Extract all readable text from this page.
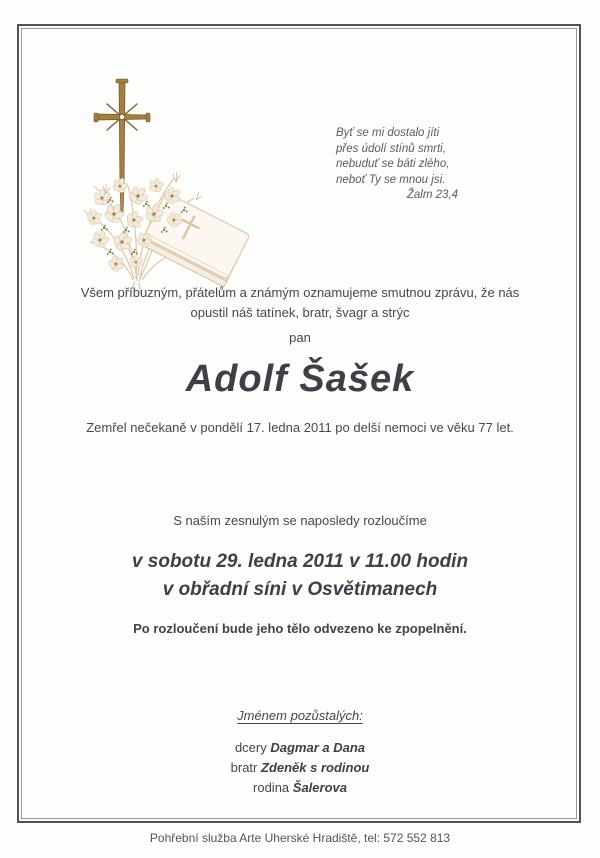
Byť se mi dostalo jíti
přes údolí stínů smrti,
nebuduť se báti zlého,
neboť Ty se mnou jsi.
Žalm 23,4
Všem příbuzným, přátelům a známým oznamujeme smutnou zprávu, že nás
opustil náš tatínek, bratr, švagr a strýc
pan
Adolf Šašek
Zemřel nečekaně v pondělí 17. ledna 2011 po delší nemoci ve věku 77 let.
S naším zesnulým se naposledy rozloučíme
v sobotu 29. ledna 2011 v 11.00 hodin
v obřadní síni v Osvětimanech
Po rozloučení bude jeho tělo odvezeno ke zpopelnění.
Jménem pozůstalých:
dcery Dagmar a Dana
bratr Zdeněk s rodinou
rodina Šalerova
Pohřební služba Arte Uherské Hradiště, tel: 572 552 813
